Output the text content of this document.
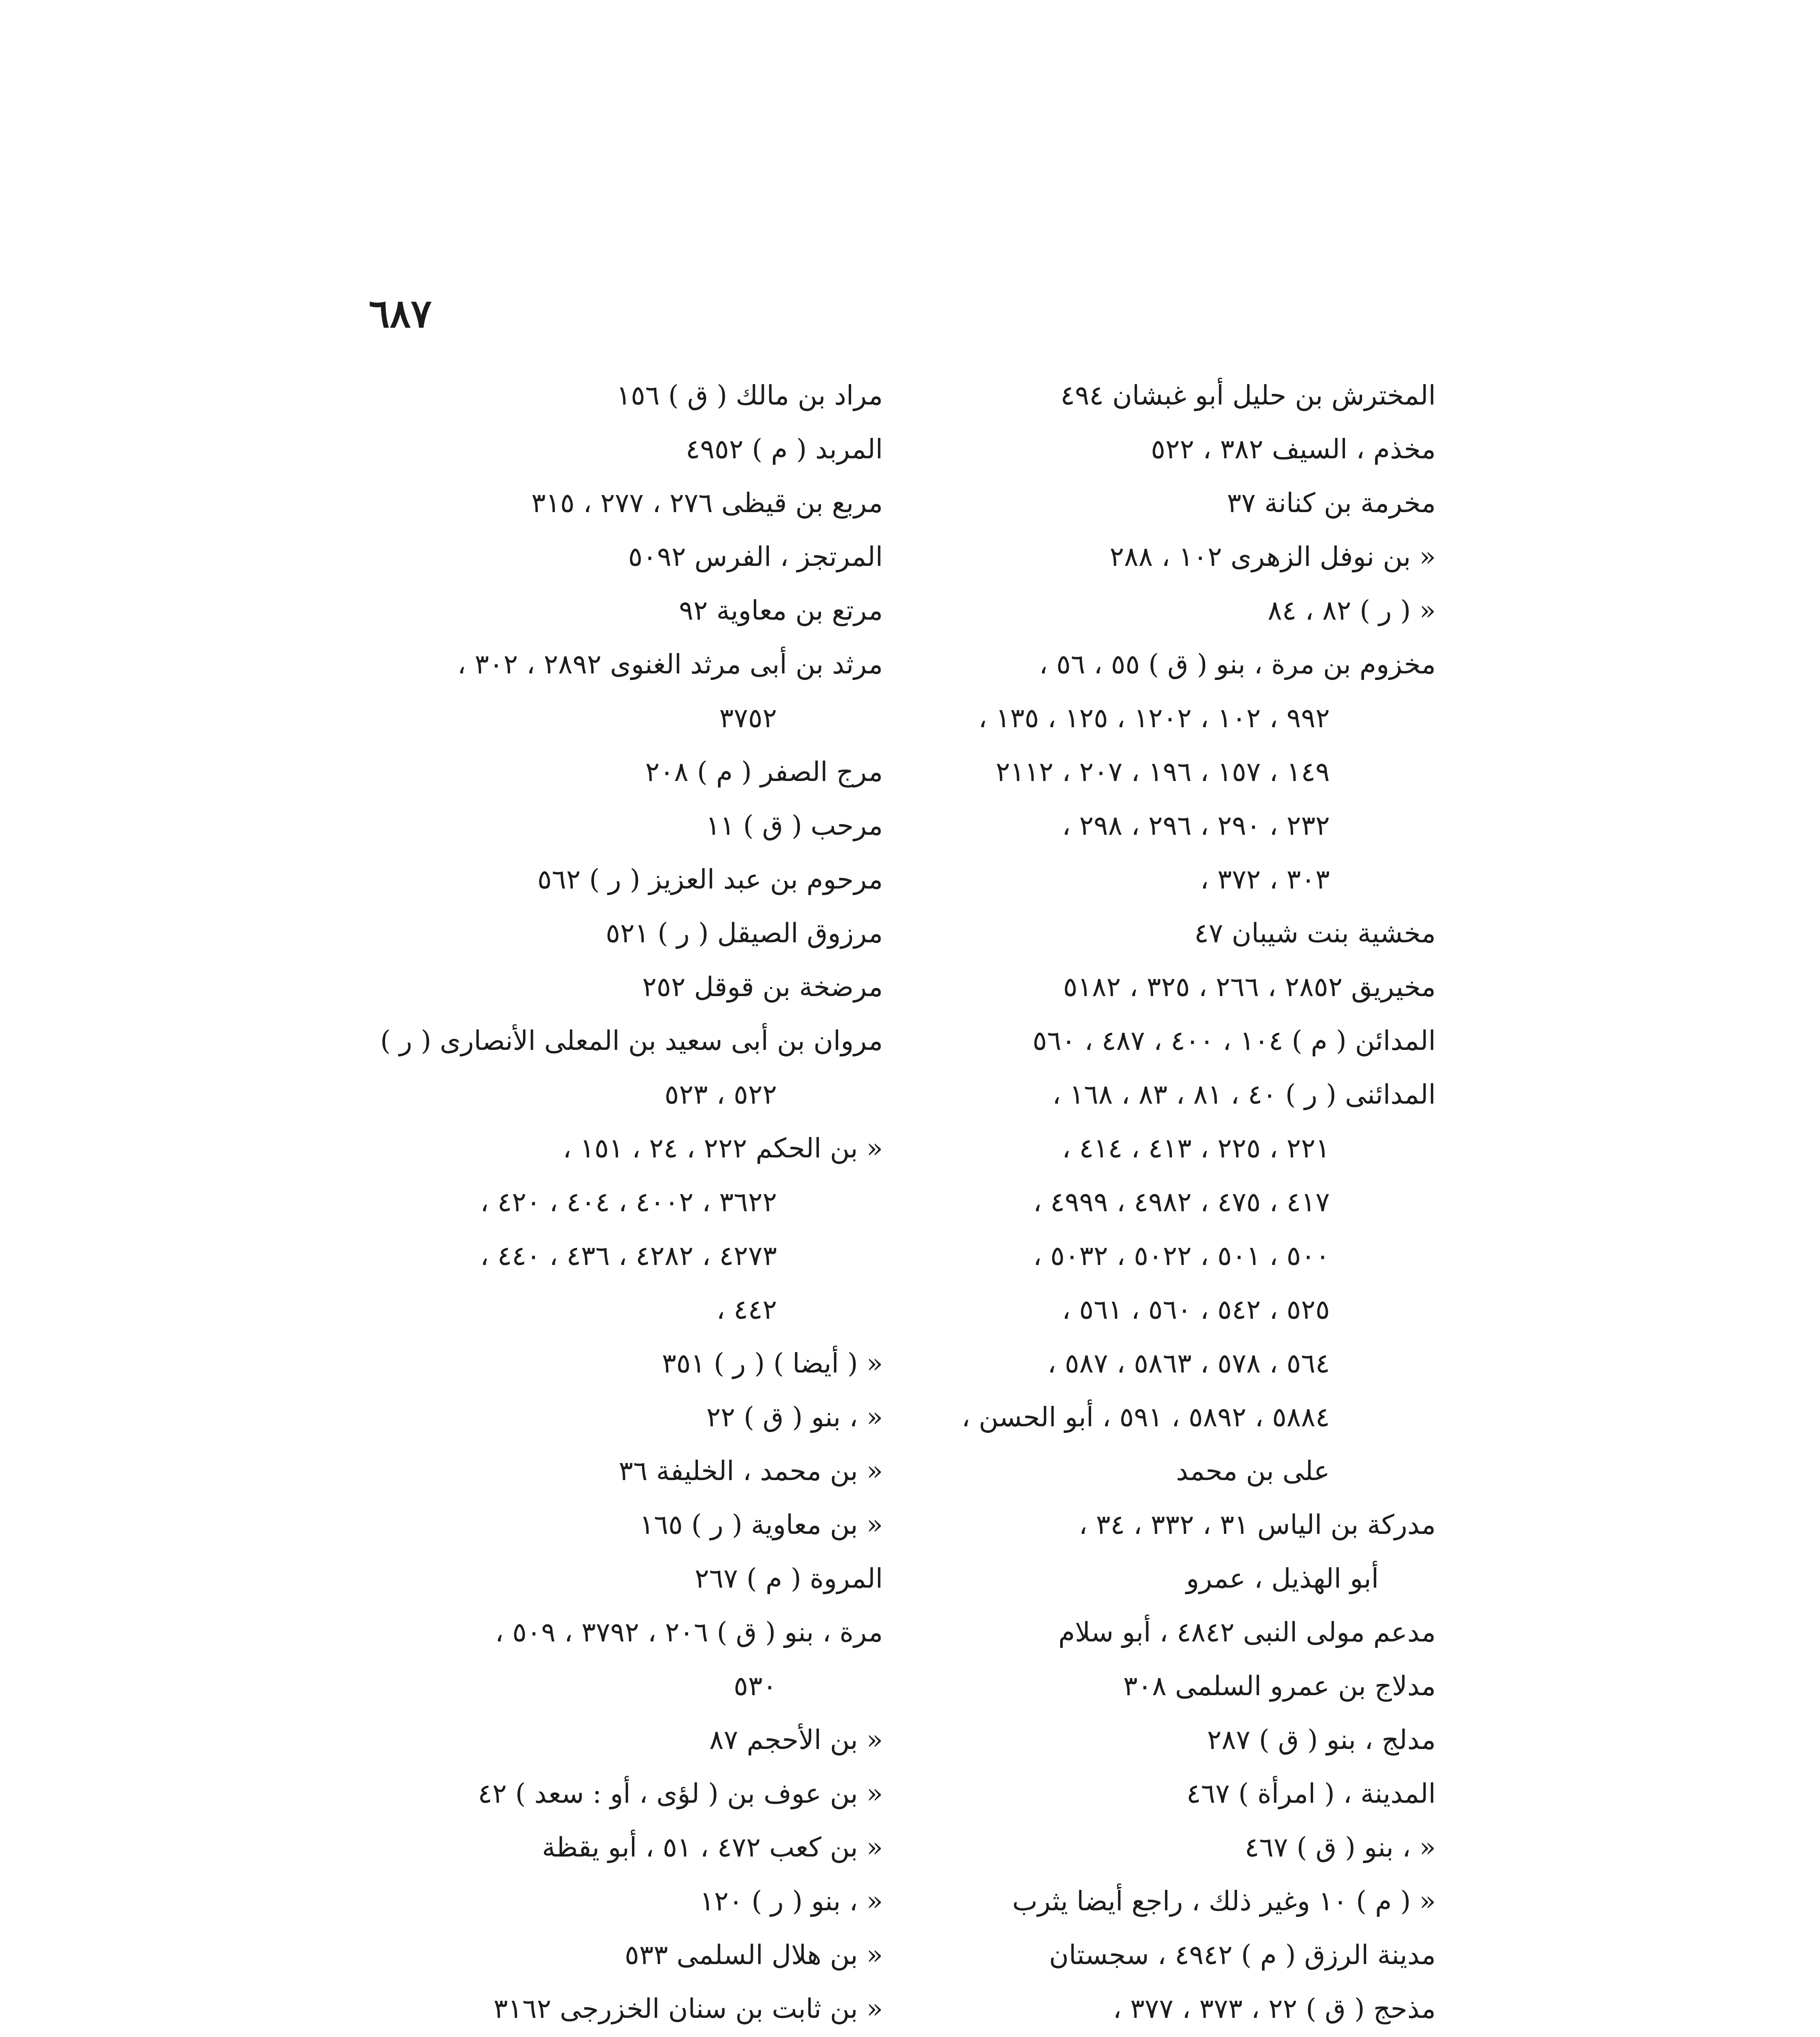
٦٨٧
المخترش بن حليل أبو غبشان ٤٩٤
مخذم ، السيف ٣٨٢ ، ٥٢٢
مخرمة بن كنانة ٣٧
« بن نوفل الزهرى ١٠٢ ، ٢٨٨
« ( ر ) ٨٢ ، ٨٤
مخزوم بن مرة ، بنو ( ق ) ٥٥ ، ٥٦ ،
٩٩٢ ، ١٠٢ ، ١٢٠٢ ، ١٢٥ ، ١٣٥ ،
١٤٩ ، ١٥٧ ، ١٩٦ ، ٢٠٧ ، ٢١١٢
٢٣٢ ، ٢٩٠ ، ٢٩٦ ، ٢٩٨ ،
٣٠٣ ، ٣٧٢ ،
مخشية بنت شيبان ٤٧
مخيريق ٢٨٥٢ ، ٢٦٦ ، ٣٢٥ ، ٥١٨٢
المدائن ( م ) ١٠٤ ، ٤٠٠ ، ٤٨٧ ، ٥٦٠
المدائنى ( ر ) ٤٠ ، ٨١ ، ٨٣ ، ١٦٨ ،
٢٢١ ، ٢٢٥ ، ٤١٣ ، ٤١٤ ،
٤١٧ ، ٤٧٥ ، ٤٩٨٢ ، ٤٩٩٩ ،
٥٠٠ ، ٥٠١ ، ٥٠٢٢ ، ٥٠٣٢ ،
٥٢٥ ، ٥٤٢ ، ٥٦٠ ، ٥٦١ ،
٥٦٤ ، ٥٧٨ ، ٥٨٦٣ ، ٥٨٧ ،
٥٨٨٤ ، ٥٨٩٢ ، ٥٩١ ، أبو الحسن ،
على بن محمد
مدركة بن الياس ٣١ ، ٣٣٢ ، ٣٤ ،
أبو الهذيل ، عمرو
مدعم مولى النبى ٤٨٤٢ ، أبو سلام
مدلاج بن عمرو السلمى ٣٠٨
مدلج ، بنو ( ق ) ٢٨٧
المدينة ، ( امرأة ) ٤٦٧
« ، بنو ( ق ) ٤٦٧
« ( م ) ١٠ وغير ذلك ، راجع أيضا يثرب
مدينة الرزق ( م ) ٤٩٤٢ ، سجستان
مذحج ( ق ) ٢٢ ، ٣٧٣ ، ٣٧٧ ،
مراد بن مالك ( ق ) ١٥٦
المربد ( م ) ٤٩٥٢
مربع بن قيظى ٢٧٦ ، ٢٧٧ ، ٣١٥
المرتجز ، الفرس ٥٠٩٢
مرتع بن معاوية ٩٢
مرثد بن أبى مرثد الغنوى ٢٨٩٢ ، ٣٠٢ ،
٣٧٥٢
مرج الصفر ( م ) ٢٠٨
مرحب ( ق ) ١١
مرحوم بن عبد العزيز ( ر ) ٥٦٢
مرزوق الصيقل ( ر ) ٥٢١
مرضخة بن قوقل ٢٥٢
مروان بن أبى سعيد بن المعلى الأنصارى ( ر )
٥٢٢ ، ٥٢٣
« بن الحكم ٢٢٢ ، ٢٤ ، ١٥١ ،
٣٦٢٢ ، ٤٠٠٢ ، ٤٠٤ ، ٤٢٠ ،
٤٢٧٣ ، ٤٢٨٢ ، ٤٣٦ ، ٤٤٠ ،
٤٤٢ ،
« ( أيضا ) ( ر ) ٣٥١
« ، بنو ( ق ) ٢٢
« بن محمد ، الخليفة ٣٦
« بن معاوية ( ر ) ١٦٥
المروة ( م ) ٢٦٧
مرة ، بنو ( ق ) ٢٠٦ ، ٣٧٩٢ ، ٥٠٩ ،
٥٣٠
« بن الأحجم ٨٧
« بن عوف بن ( لؤى ، أو : سعد ) ٤٢
« بن كعب ٤٧٢ ، ٥١ ، أبو يقظة
« ، بنو ( ر ) ١٢٠
« بن هلال السلمى ٥٣٣
« بن ثابت بن سنان الخزرجى ٣١٦٢
